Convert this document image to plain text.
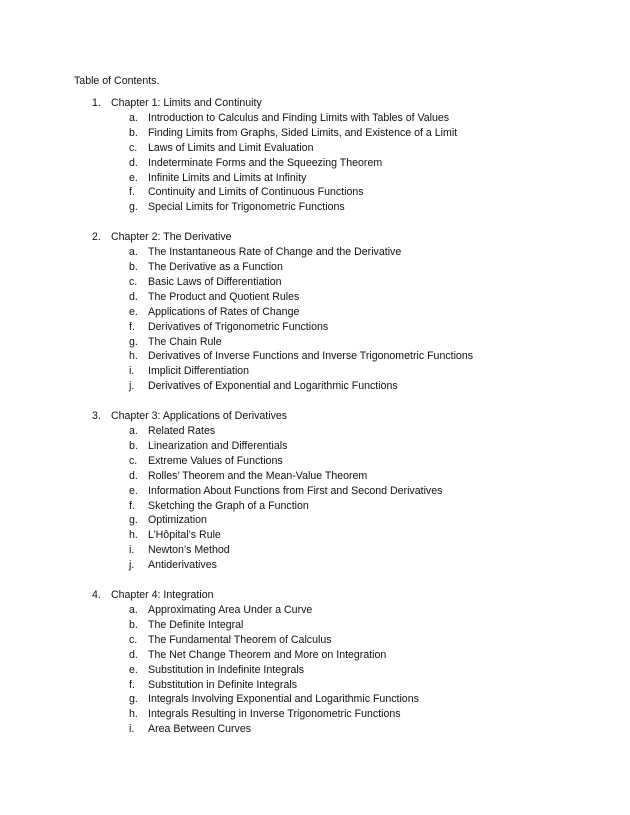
Table of Contents.
1. Chapter 1: Limits and Continuity
a. Introduction to Calculus and Finding Limits with Tables of Values
b. Finding Limits from Graphs, Sided Limits, and Existence of a Limit
c.	Laws of Limits and Limit Evaluation
d. Indeterminate Forms and the Squeezing Theorem
e. Infinite Limits and Limits at Infinity
f.	Continuity and Limits of Continuous Functions
g. Special Limits for Trigonometric Functions
2. Chapter 2: The Derivative
a. The Instantaneous Rate of Change and the Derivative
b. The Derivative as a Function
c.	Basic Laws of Differentiation
d. The Product and Quotient Rules
e. Applications of Rates of Change
f.	Derivatives of Trigonometric Functions
g. The Chain Rule
h. Derivatives of Inverse Functions and Inverse Trigonometric Functions
i.	Implicit Differentiation
j.	Derivatives of Exponential and Logarithmic Functions
3. Chapter 3: Applications of Derivatives
a. Related Rates
b. Linearization and Differentials
c.	Extreme Values of Functions
d. Rolles’ Theorem and the Mean-Value Theorem
e. Information About Functions from First and Second Derivatives
f.	Sketching the Graph of a Function
g. Optimization
h. L’Hôpital’s Rule
i.	Newton’s Method
j.	Antiderivatives
4. Chapter 4: Integration
a. Approximating Area Under a Curve
b. The Definite Integral
c.	The Fundamental Theorem of Calculus
d. The Net Change Theorem and More on Integration
e. Substitution in Indefinite Integrals
f.	Substitution in Definite Integrals
g. Integrals Involving Exponential and Logarithmic Functions
h. Integrals Resulting in Inverse Trigonometric Functions
i.	Area Between Curves
